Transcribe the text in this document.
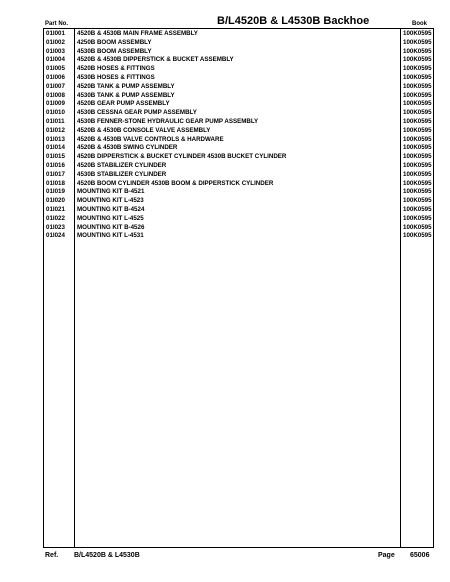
Part No.	B/L4520B & L4530B Backhoe	Book
01I001 4520B & 4530B MAIN FRAME ASSEMBLY	100K0595
01I002 4250B BOOM ASSEMBLY	100K0595
01I003 4530B BOOM ASSEMBLY	100K0595
01I004 4520B & 4530B DIPPERSTICK & BUCKET ASSEMBLY	100K0595
01I005 4520B HOSES & FITTINGS	100K0595
01I006 4530B HOSES & FITTINGS	100K0595
01I007 4520B TANK & PUMP ASSEMBLY	100K0595
01I008 4530B TANK & PUMP ASSEMBLY	100K0595
01I009 4520B GEAR PUMP ASSEMBLY	100K0595
01I010 4530B CESSNA GEAR PUMP ASSEMBLY	100K0595
01I011 4530B FENNER-STONE HYDRAULIC GEAR PUMP ASSEMBLY	100K0595
01I012 4520B & 4530B CONSOLE VALVE ASSEMBLY	100K0595
01I013 4520B & 4530B VALVE CONTROLS & HARDWARE	100K0595
01I014 4520B & 4530B SWING CYLINDER	100K0595
01I015 4520B DIPPERSTICK & BUCKET CYLINDER 4530B BUCKET CYLINDER	100K0595
01I016 4520B STABILIZER CYLINDER	100K0595
01I017 4530B STABILIZER CYLINDER	100K0595
01I018 4520B BOOM CYLINDER 4530B BOOM & DIPPERSTICK CYLINDER	100K0595
01I019 MOUNTING KIT B-4521	100K0595
01I020 MOUNTING KIT L-4523	100K0595
01I021 MOUNTING KIT B-4524	100K0595
01I022 MOUNTING KIT L-4525	100K0595
01I023 MOUNTING KIT B-4526	100K0595
01I024 MOUNTING KIT L-4531	100K0595
Ref. B/L4520B & L4530B	Page 65006
